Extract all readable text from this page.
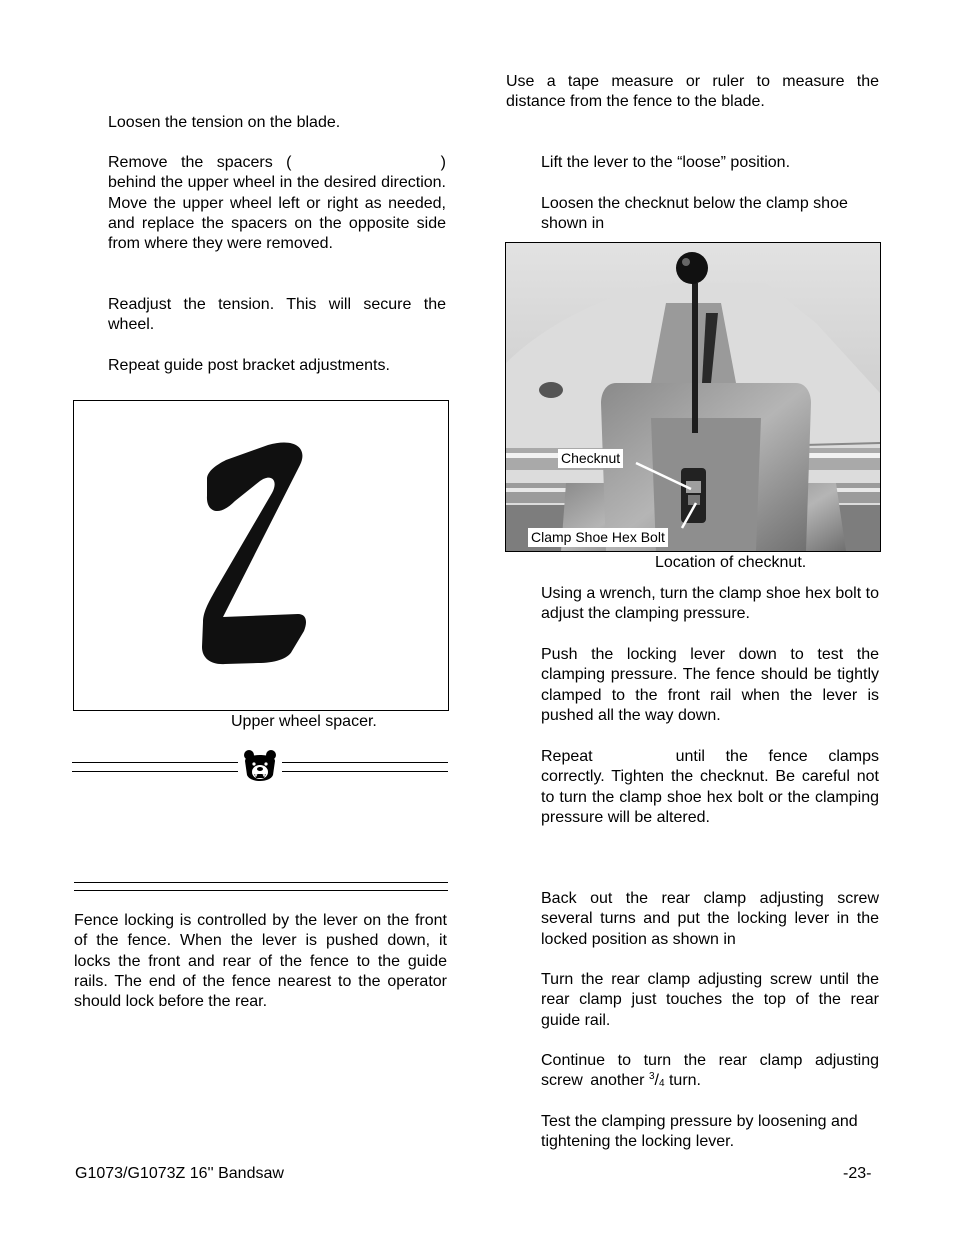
Loosen the tension on the blade.

Remove the spacers (	)
behind the upper wheel in the desired direction. Move the upper wheel left or right as needed, and replace the spacers on the opposite side from where they were removed.

Readjust the tension. This will secure the wheel.

Repeat guide post bracket adjustments.

Upper wheel spacer.

Fence locking is controlled by the lever on the front of the fence. When the lever is pushed down, it locks the front and rear of the fence to the guide rails. The end of the fence nearest to the operator should lock before the rear.

Use a tape measure or ruler to measure the distance from the fence to the blade.

Lift the lever to the “loose” position.

Loosen the checknut below the clamp shoe shown in

Checknut
Clamp Shoe Hex Bolt

Location of checknut.

Using a wrench, turn the clamp shoe hex bolt to adjust the clamping pressure.

Push the locking lever down to test the clamping pressure. The fence should be tightly clamped to the front rail when the lever is pushed all the way down.

Repeat	until the fence clamps correctly. Tighten the checknut. Be careful not to turn the clamp shoe hex bolt or the clamping pressure will be altered.

Back out the rear clamp adjusting screw several turns and put the locking lever in the locked position as shown in

Turn the rear clamp adjusting screw until the rear clamp just touches the top of the rear guide rail.

Continue to turn the rear clamp adjusting screw another $^3/_4$ turn.

Test the clamping pressure by loosening and tightening the locking lever.

G1073/G1073Z 16'' Bandsaw	-23-
